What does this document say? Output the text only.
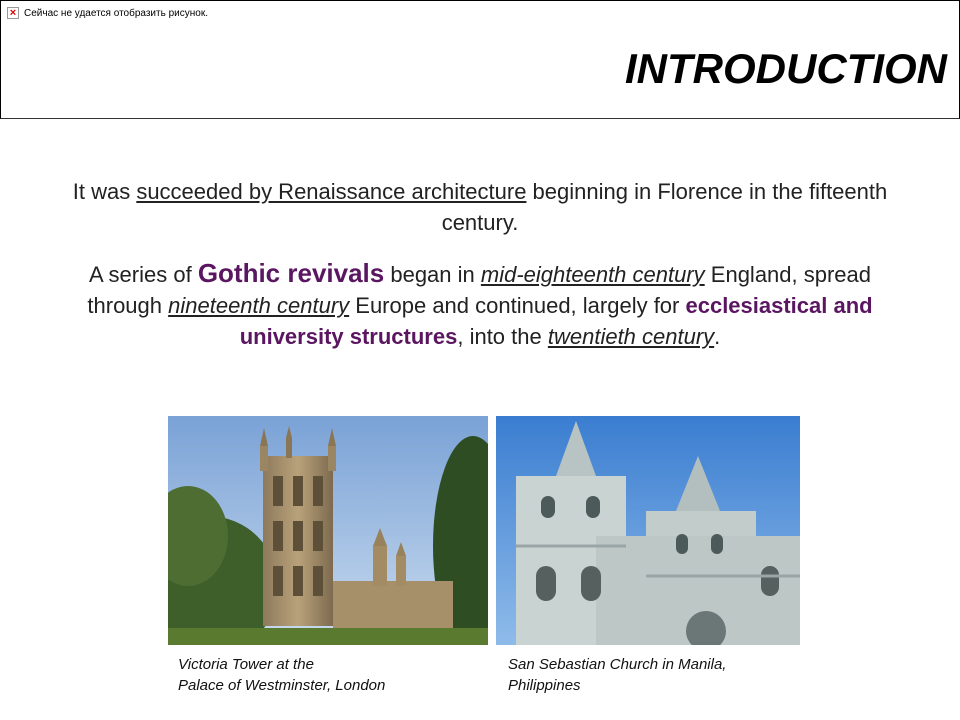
×
Сейчас не удается отобразить рисунок.
INTRODUCTION
It was succeeded by Renaissance architecture beginning in Florence in the fifteenth century.
A series of Gothic revivals began in mid-eighteenth century England, spread through nineteenth century Europe and continued, largely for ecclesiastical and university structures, into the twentieth century.
Victoria Tower at the
Palace of Westminster, London
San Sebastian Church in Manila,
Philippines
